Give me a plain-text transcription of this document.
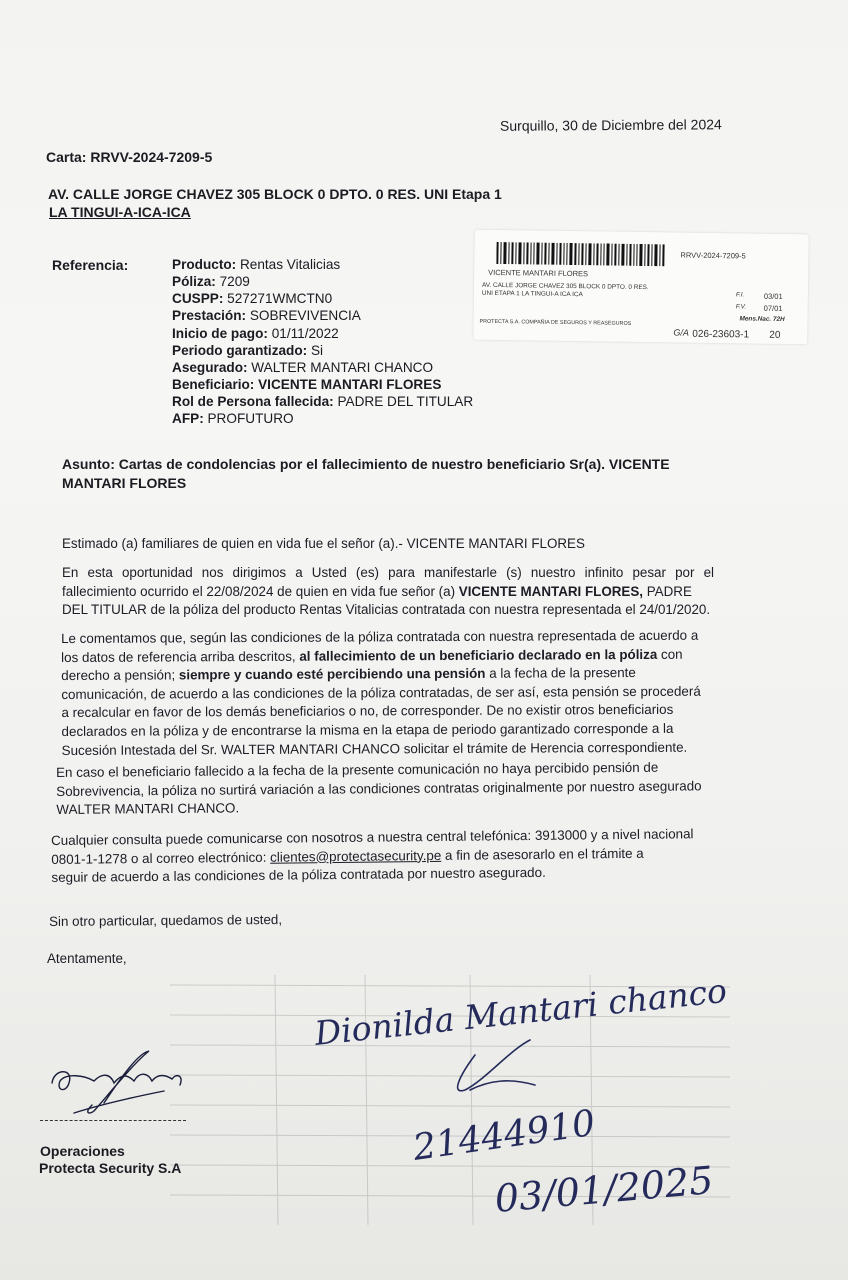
Surquillo, 30 de Diciembre del 2024
Carta: RRVV-2024-7209-5
AV. CALLE JORGE CHAVEZ 305 BLOCK 0 DPTO. 0 RES. UNI Etapa 1
LA TINGUI-A-ICA-ICA
Referencia:	Producto: Rentas Vitalicias
Póliza: 7209
CUSPP: 527271WMCTN0
Prestación: SOBREVIVENCIA
Inicio de pago: 01/11/2022
Periodo garantizado: Si
Asegurado: WALTER MANTARI CHANCO
Beneficiario: VICENTE MANTARI FLORES
Rol de Persona fallecida: PADRE DEL TITULAR
AFP: PROFUTURO
RRVV-2024-7209-5
VICENTE MANTARI FLORES
AV. CALLE JORGE CHAVEZ 305 BLOCK 0 DPTO. 0 RES.
UNI ETAPA 1 LA TINGUI-A ICA ICA	F.I.	03/01
F.V. 07/01
Mens.Nac. 72H
PROTECTA S.A. COMPAÑIA DE SEGUROS Y REASEGUROS
G/A 026-23603-1 20
Asunto: Cartas de condolencias por el fallecimiento de nuestro beneficiario Sr(a). VICENTE
MANTARI FLORES
Estimado (a) familiares de quien en vida fue el señor (a).- VICENTE MANTARI FLORES
En esta oportunidad nos dirigimos a Usted (es) para manifestarle (s) nuestro infinito pesar por el
fallecimiento ocurrido el 22/08/2024 de quien en vida fue señor (a) VICENTE MANTARI FLORES, PADRE
DEL TITULAR de la póliza del producto Rentas Vitalicias contratada con nuestra representada el 24/01/2020.
Le comentamos que, según las condiciones de la póliza contratada con nuestra representada de acuerdo a
los datos de referencia arriba descritos, al fallecimiento de un beneficiario declarado en la póliza con
derecho a pensión; siempre y cuando esté percibiendo una pensión a la fecha de la presente
comunicación, de acuerdo a las condiciones de la póliza contratadas, de ser así, esta pensión se procederá
a recalcular en favor de los demás beneficiarios o no, de corresponder. De no existir otros beneficiarios
declarados en la póliza y de encontrarse la misma en la etapa de periodo garantizado corresponde a la
Sucesión Intestada del Sr. WALTER MANTARI CHANCO solicitar el trámite de Herencia correspondiente.
En caso el beneficiario fallecido a la fecha de la presente comunicación no haya percibido pensión de
Sobrevivencia, la póliza no surtirá variación a las condiciones contratas originalmente por nuestro asegurado
WALTER MANTARI CHANCO.
Cualquier consulta puede comunicarse con nosotros a nuestra central telefónica: 3913000 y a nivel nacional
0801-1-1278 o al correo electrónico: clientes@protectasecurity.pe a fin de asesorarlo en el trámite a
seguir de acuerdo a las condiciones de la póliza contratada por nuestro asegurado.
Sin otro particular, quedamos de usted,
Atentamente,
Dionilda Mantari chanco
21444910
03/01/2025
Angélica Jiménez Ñato
Operaciones
Protecta Security S.A
